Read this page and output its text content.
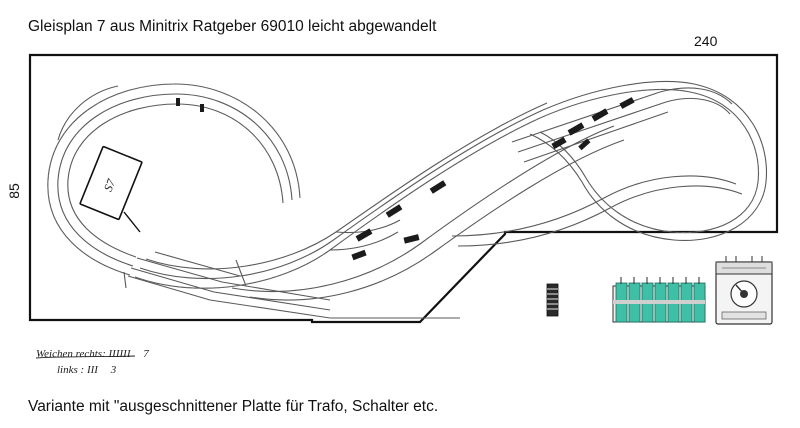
Gleisplan 7 aus Minitrix Ratgeber 69010 leicht abgewandelt
240
85	S7
Weichen rechts: IIIIII 7
links : III 3
Variante mit "ausgeschnittener Platte für Trafo, Schalter etc.
